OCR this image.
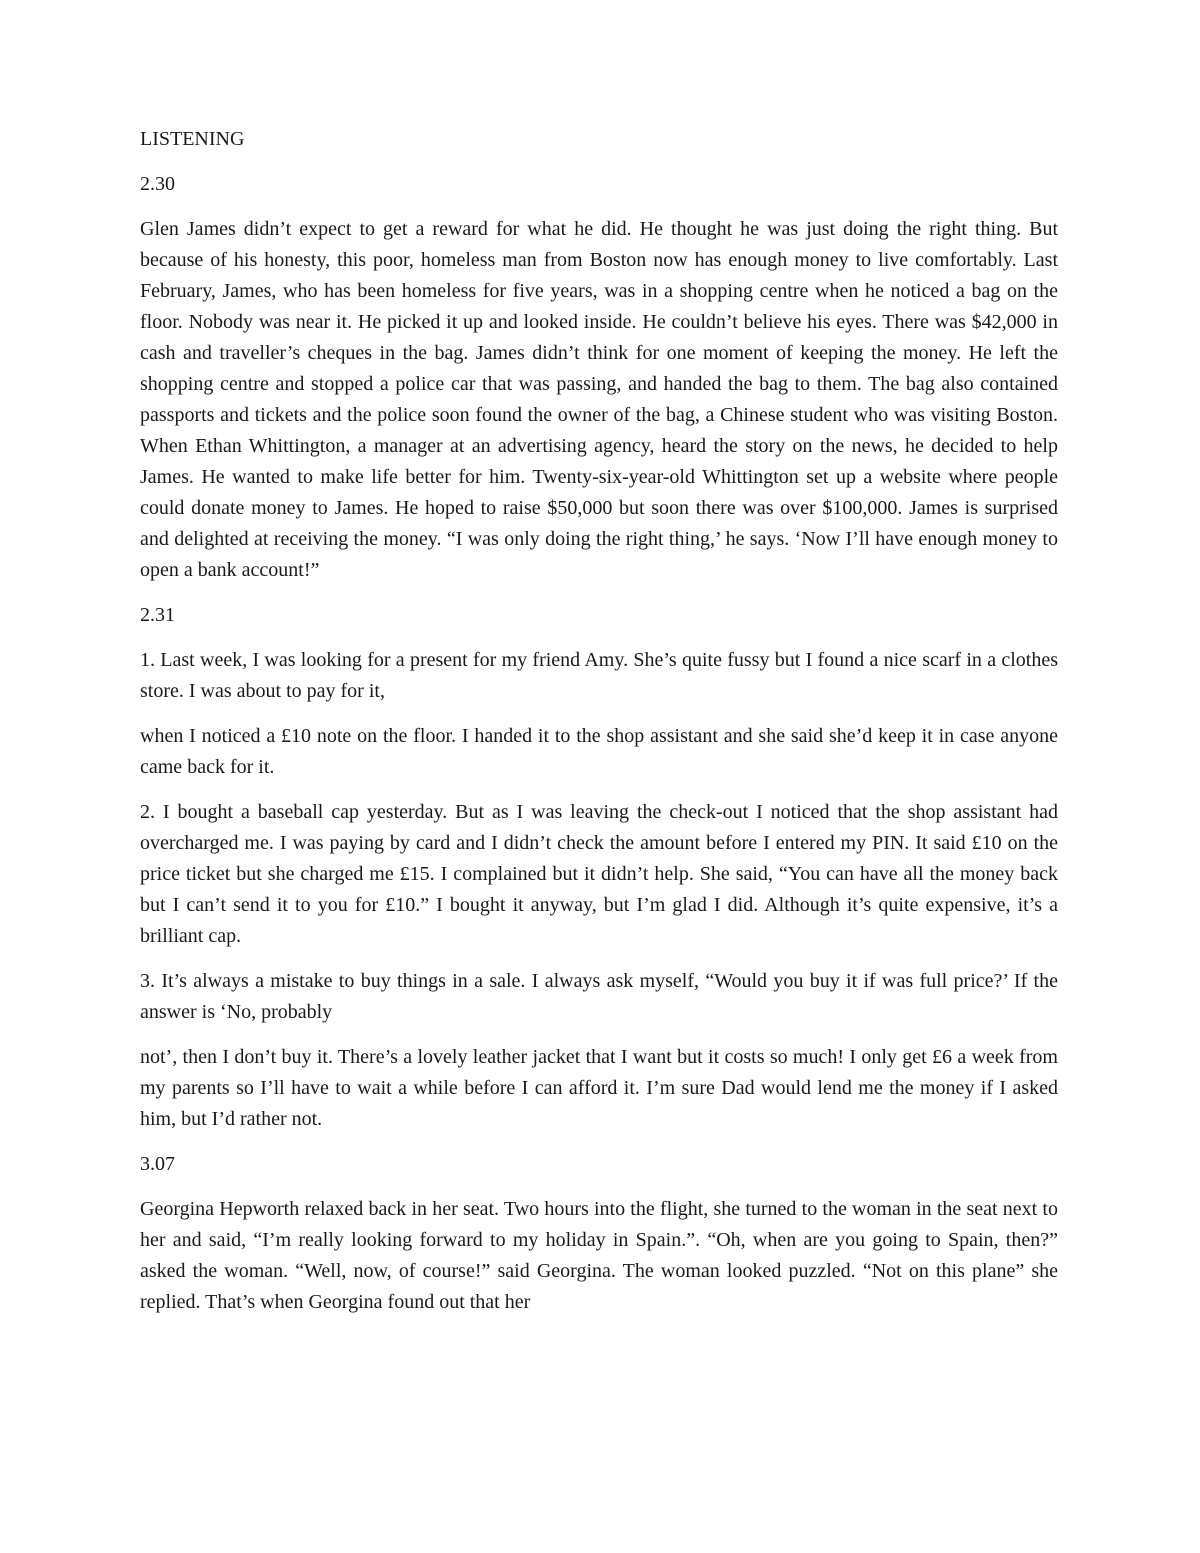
LISTENING

2.30

Glen James didn’t expect to get a reward for what he did. He thought he was just doing the right thing. But because of his honesty, this poor, homeless man from Boston now has enough money to live comfortably. Last February, James, who has been homeless for five years, was in a shopping centre when he noticed a bag on the floor. Nobody was near it. He picked it up and looked inside. He couldn’t believe his eyes. There was $42,000 in cash and traveller’s cheques in the bag. James didn’t think for one moment of keeping the money. He left the shopping centre and stopped a police car that was passing, and handed the bag to them. The bag also contained passports and tickets and the police soon found the owner of the bag, a Chinese student who was visiting Boston. When Ethan Whittington, a manager at an advertising agency, heard the story on the news, he decided to help James. He wanted to make life better for him. Twenty-six-year-old Whittington set up a website where people could donate money to James. He hoped to raise $50,000 but soon there was over $100,000. James is surprised and delighted at receiving the money. “I was only doing the right thing,’ he says. ‘Now I’ll have enough money to open a bank account!”

2.31

1. Last week, I was looking for a present for my friend Amy. She’s quite fussy but I found a nice scarf in a clothes store. I was about to pay for it,

when I noticed a £10 note on the floor. I handed it to the shop assistant and she said she’d keep it in case anyone came back for it.

2. I bought a baseball cap yesterday. But as I was leaving the check-out I noticed that the shop assistant had overcharged me. I was paying by card and I didn’t check the amount before I entered my PIN. It said £10 on the price ticket but she charged me £15. I complained but it didn’t help. She said, “You can have all the money back but I can’t send it to you for £10.” I bought it anyway, but I’m glad I did. Although it’s quite expensive, it’s a brilliant cap.

3. It’s always a mistake to buy things in a sale. I always ask myself, “Would you buy it if was full price?’ If the answer is ‘No, probably

not’, then I don’t buy it. There’s a lovely leather jacket that I want but it costs so much! I only get £6 a week from my parents so I’ll have to wait a while before I can afford it. I’m sure Dad would lend me the money if I asked him, but I’d rather not.

3.07

Georgina Hepworth relaxed back in her seat. Two hours into the flight, she turned to the woman in the seat next to her and said, “I’m really looking forward to my holiday in Spain.”. “Oh, when are you going to Spain, then?” asked the woman. “Well, now, of course!” said Georgina. The woman looked puzzled. “Not on this plane” she replied. That’s when Georgina found out that her
